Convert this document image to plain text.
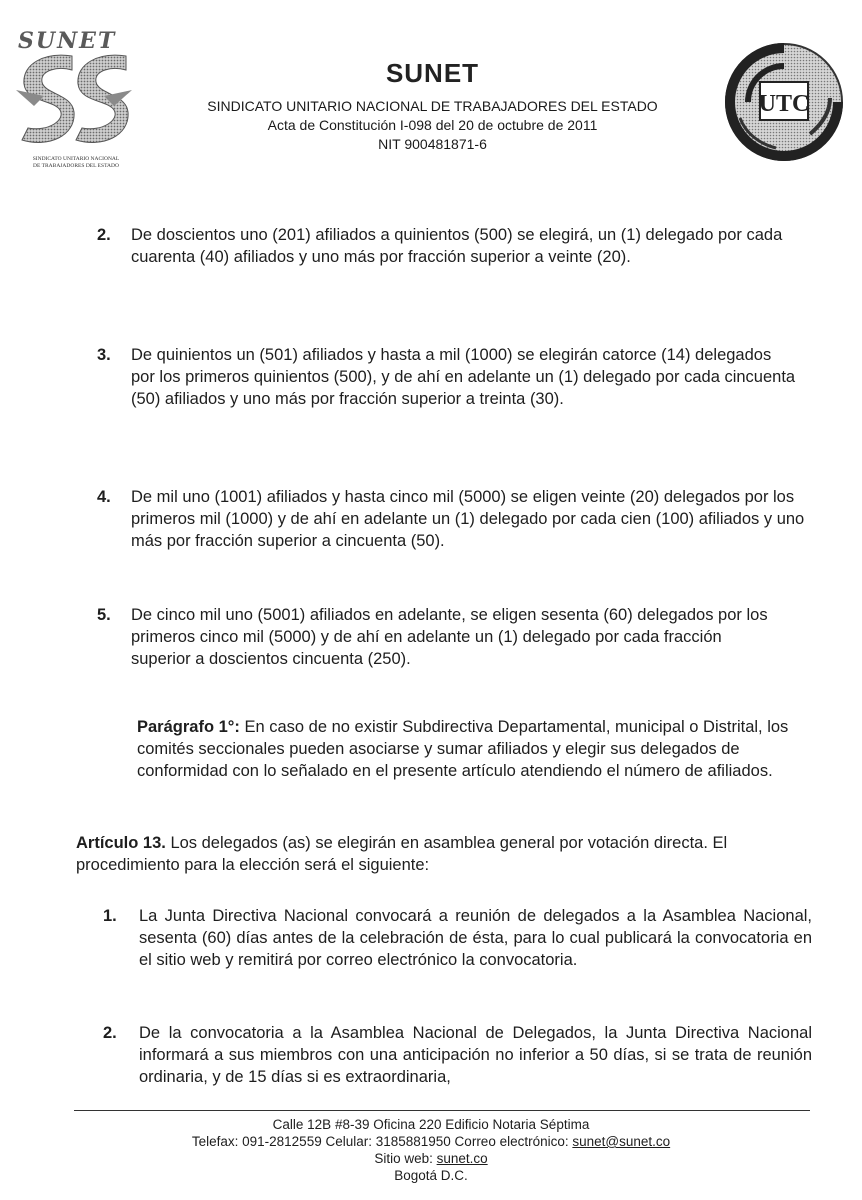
SUNET
SINDICATO UNITARIO NACIONAL
DE TRABAJADORES DEL ESTADO
SUNET
SINDICATO UNITARIO NACIONAL DE TRABAJADORES DEL ESTADO
Acta de Constitución I-098 del 20 de octubre de 2011
NIT 900481871-6
UTC
2. De doscientos uno (201) afiliados a quinientos (500) se elegirá, un (1) delegado por cada cuarenta (40) afiliados y uno más por fracción superior a veinte (20).
3. De quinientos un (501) afiliados y hasta a mil (1000) se elegirán catorce (14) delegados por los primeros quinientos (500), y de ahí en adelante un (1) delegado por cada cincuenta (50) afiliados y uno más por fracción superior a treinta (30).
4. De mil uno (1001) afiliados y hasta cinco mil (5000) se eligen veinte (20) delegados por los primeros mil (1000) y de ahí en adelante un (1) delegado por cada cien (100) afiliados y uno más por fracción superior a cincuenta (50).
5. De cinco mil uno (5001) afiliados en adelante, se eligen sesenta (60) delegados por los primeros cinco mil (5000) y de ahí en adelante un (1) delegado por cada fracción superior a doscientos cincuenta (250).
Parágrafo 1°: En caso de no existir Subdirectiva Departamental, municipal o Distrital, los comités seccionales pueden asociarse y sumar afiliados y elegir sus delegados de conformidad con lo señalado en el presente artículo atendiendo el número de afiliados.
Artículo 13. Los delegados (as) se elegirán en asamblea general por votación directa. El procedimiento para la elección será el siguiente:
1. La Junta Directiva Nacional convocará a reunión de delegados a la Asamblea Nacional, sesenta (60) días antes de la celebración de ésta, para lo cual publicará la convocatoria en el sitio web y remitirá por correo electrónico la convocatoria.
2. De la convocatoria a la Asamblea Nacional de Delegados, la Junta Directiva Nacional informará a sus miembros con una anticipación no inferior a 50 días, si se trata de reunión ordinaria, y de 15 días si es extraordinaria,
Calle 12B #8-39 Oficina 220 Edificio Notaria Séptima
Telefax: 091-2812559 Celular: 3185881950 Correo electrónico: sunet@sunet.co
Sitio web: sunet.co
Bogotá D.C.
